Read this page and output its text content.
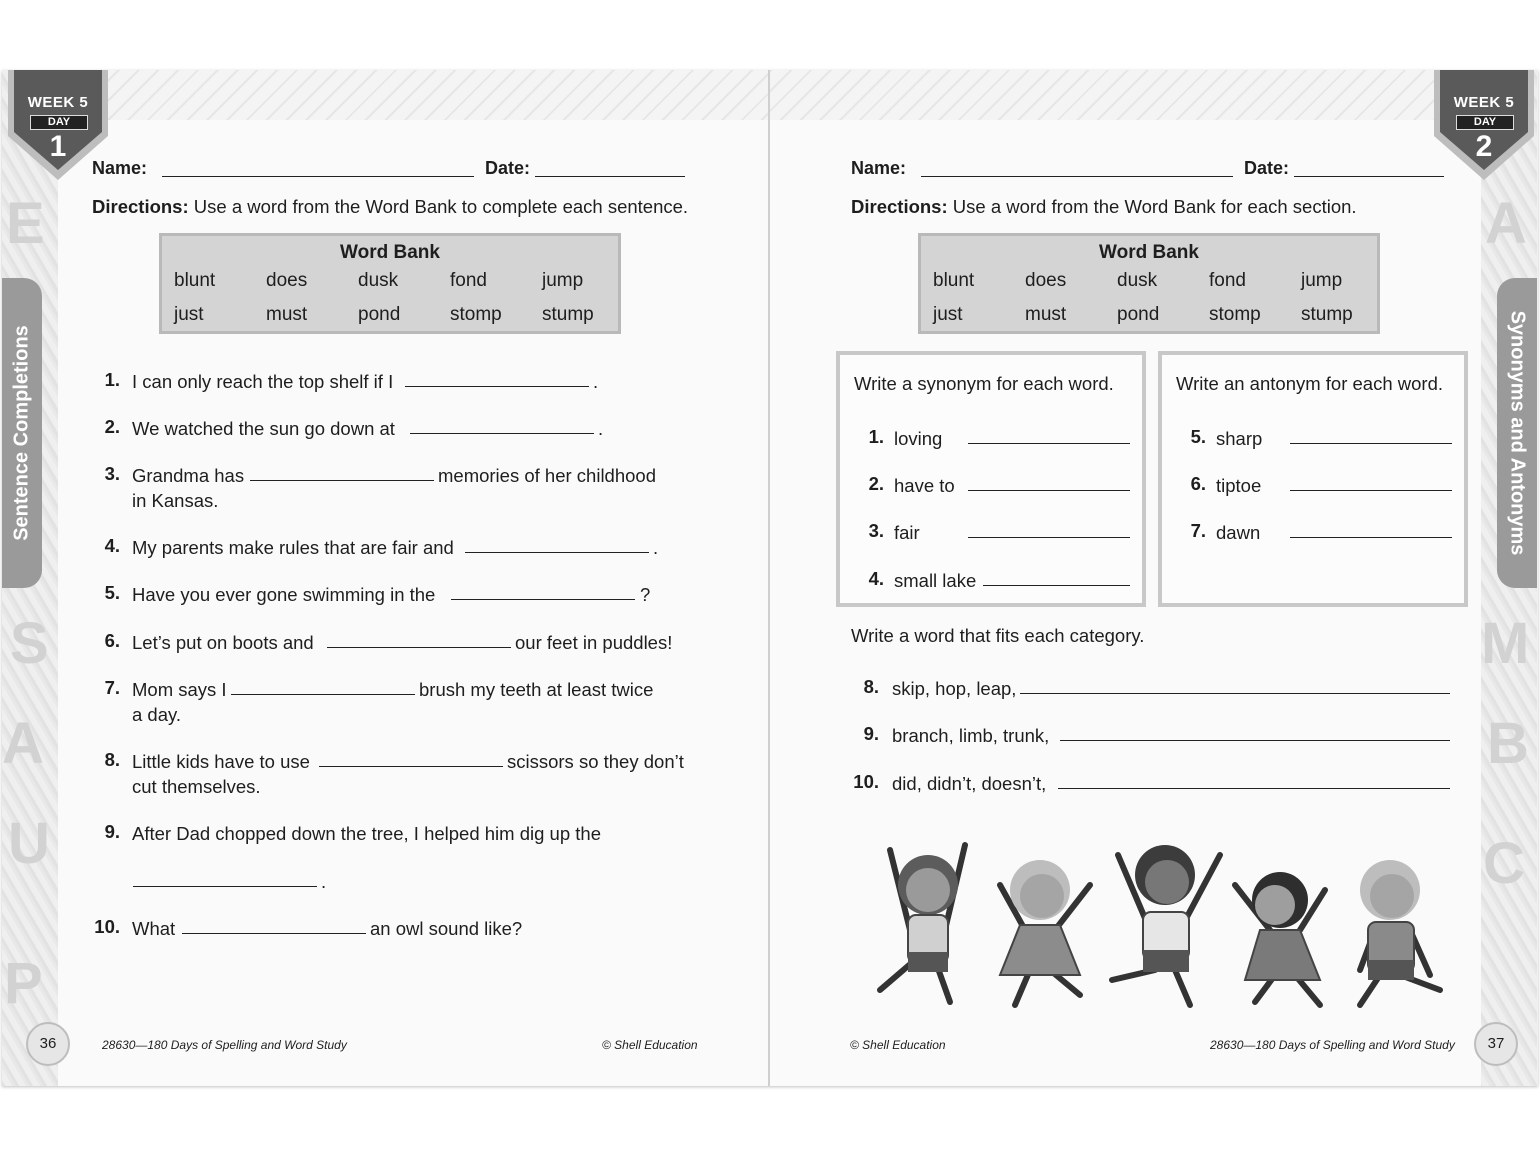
E
S
A
U
P
Sentence Completions
WEEK 5
DAY
1
Name:	Date:
Directions: Use a word from the Word Bank to complete each sentence.
Word Bank
blunt	does	dusk	fond	jump
just	must	pond	stomp stump
1. I can only reach the top shelf if I	.
2. We watched the sun go down at	.
3. Grandma has	memories of her childhood
in Kansas.
4. My parents make rules that are fair and	.
5. Have you ever gone swimming in the	?
6. Let’s put on boots and	our feet in puddles!
7. Mom says I	brush my teeth at least twice
a day.
8. Little kids have to use	scissors so they don’t
cut themselves.
9. After Dad chopped down the tree, I helped him dig up the
.
10. What	an owl sound like?
36	28630—180 Days of Spelling and Word Study	© Shell Education
A
M
B
C
Synonyms and Antonyms
WEEK 5
DAY
2
Name:	Date:
Directions: Use a word from the Word Bank for each section.
Word Bank
blunt	does	dusk	fond	jump
just	must	pond	stomp stump
Write a synonym for each word.
1. loving
2. have to
3. fair
4. small lake
Write an antonym for each word.
5. sharp
6. tiptoe
7. dawn
Write a word that fits each category.
8. skip, hop, leap,
9. branch, limb, trunk,
10. did, didn’t, doesn’t,
37
© Shell Education	28630—180 Days of Spelling and Word Study
